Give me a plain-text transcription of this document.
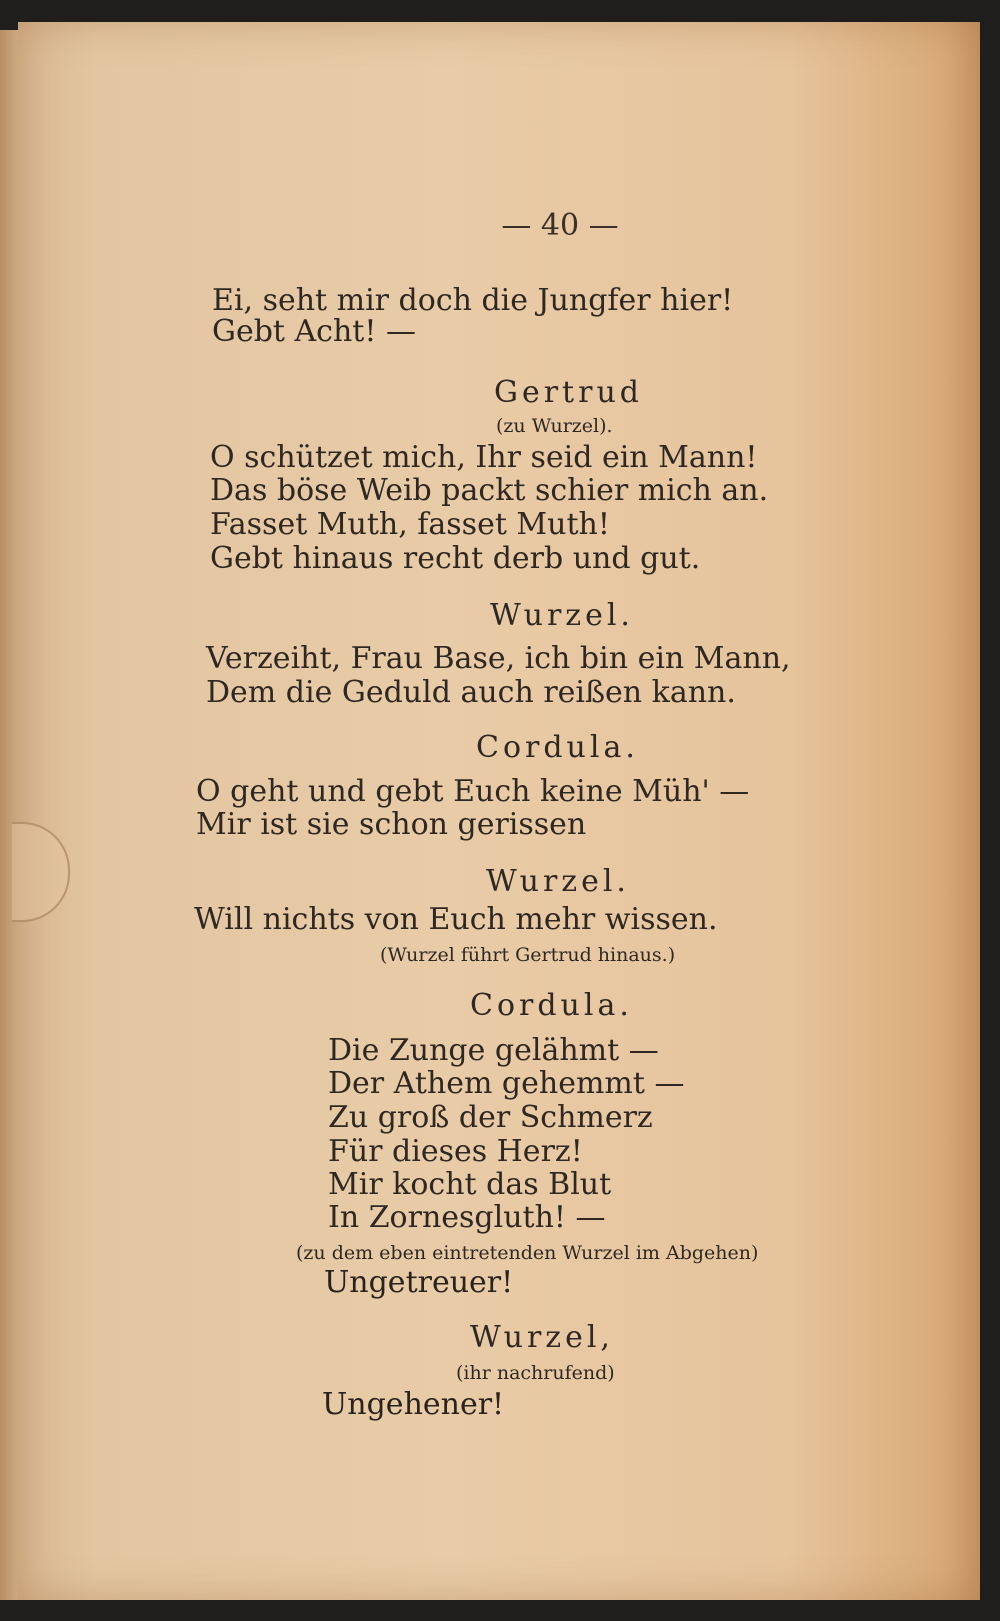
— 40 —
Ei, seht mir doch die Jungfer hier!
Gebt Acht! —
Gertrud
(zu Wurzel).
O schützet mich, Ihr seid ein Mann!
Das böse Weib packt schier mich an.
Fasset Muth, fasset Muth!
Gebt hinaus recht derb und gut.
Wurzel.
Verzeiht, Frau Base, ich bin ein Mann,
Dem die Geduld auch reißen kann.
Cordula.
O geht und gebt Euch keine Müh' —
Mir ist sie schon gerissen
Wurzel.
Will nichts von Euch mehr wissen.
(Wurzel führt Gertrud hinaus.)
Cordula.
Die Zunge gelähmt —
Der Athem gehemmt —
Zu groß der Schmerz
Für dieses Herz!
Mir kocht das Blut
In Zornesgluth! —
(zu dem eben eintretenden Wurzel im Abgehen)
Ungetreuer!
Wurzel,
(ihr nachrufend)
Ungehener!
